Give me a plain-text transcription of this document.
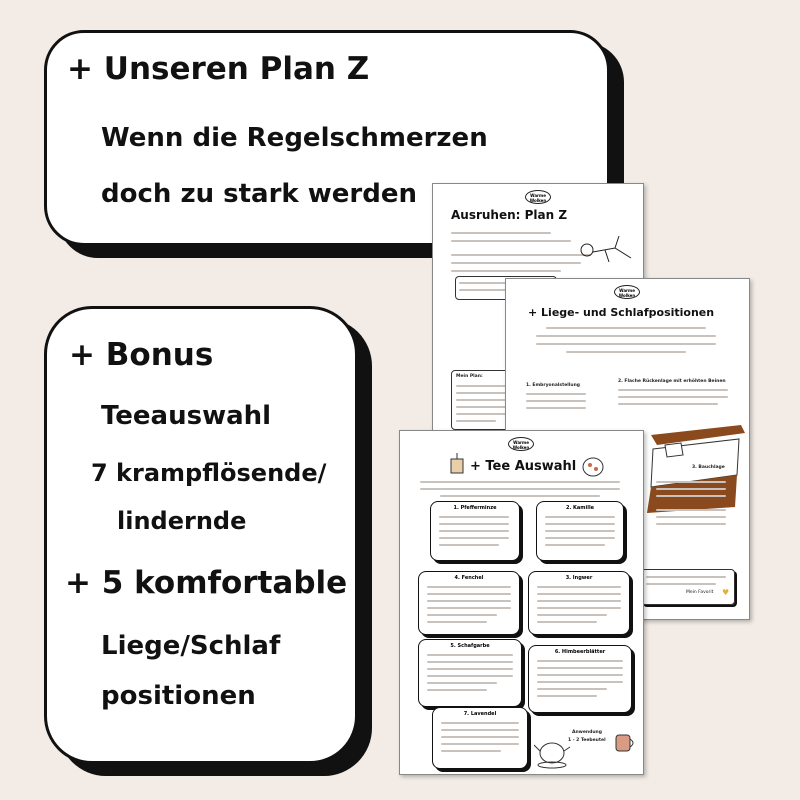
+ Unseren Plan Z
Wenn die Regelschmerzen
doch zu stark werden
+ Bonus
Teeauswahl
7 krampflösende/
lindernde
+ 5 komfortable
Liege/Schlaf
positionen
Warme Wolken
Ausruhen: Plan Z
Mein Plan:
Warme Wolken
+ Liege- und Schlafpositionen
1. Embryonalstellung
2. Flache Rückenlage mit erhöhten Beinen
3. Bauchlage
Mein Favorit ♥
Warme Wolken
+ Tee Auswahl
1. Pfefferminze	2. Kamille
4. Fenchel	3. Ingwer
5. Schafgarbe
6. Himbeerblätter
7. Lavendel
Anwendung
1 - 2 Teebeutel
